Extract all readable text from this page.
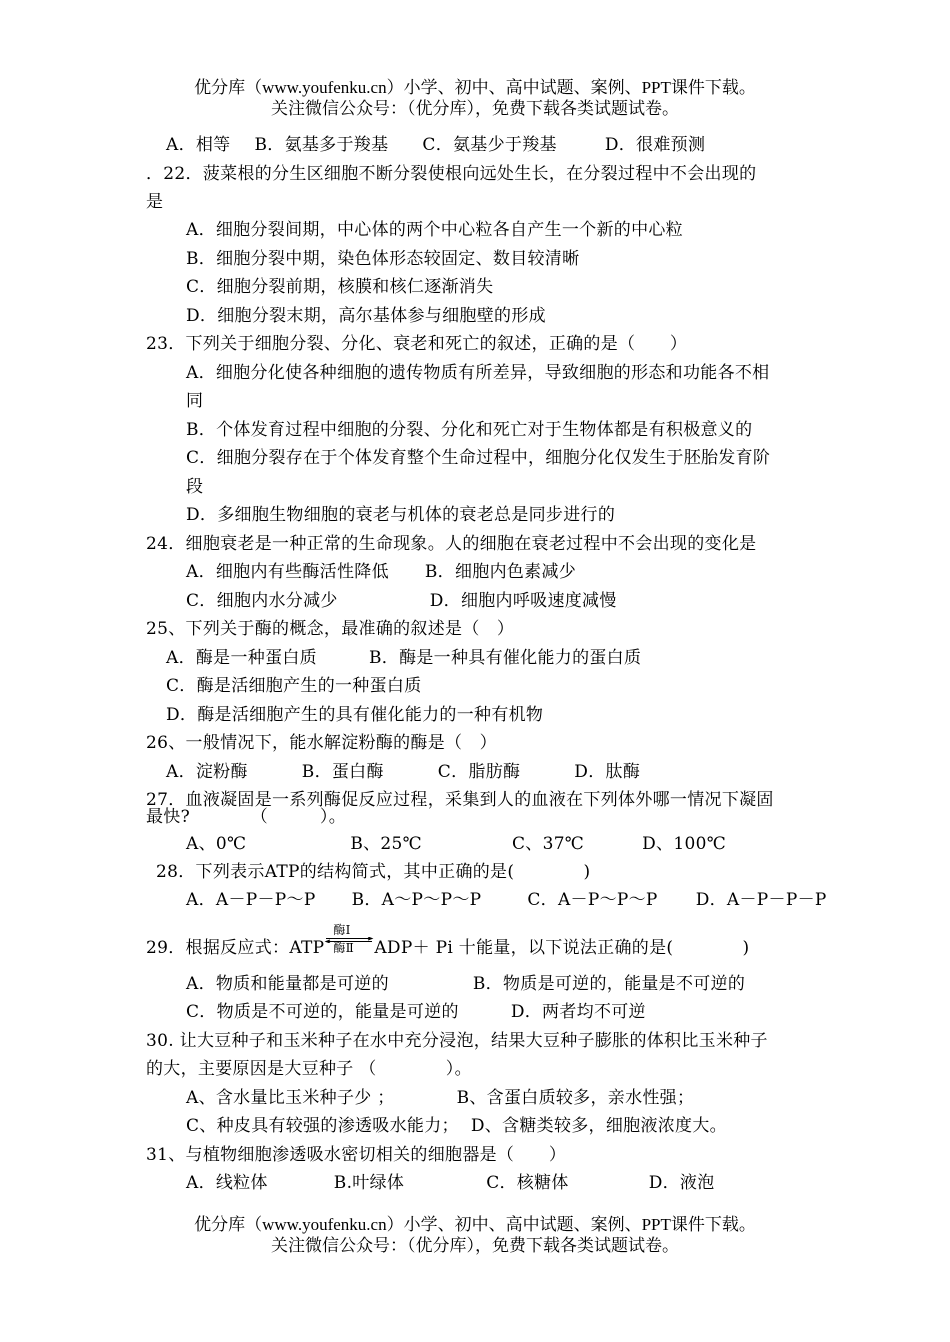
优分库（www.youfenku.cn）小学、初中、高中试题、案例、PPT课件下载。
关注微信公众号：（优分库），免费下载各类试题试卷。
A．相等 B．氨基多于羧基 C．氨基少于羧基	D．很难预测
．22．菠菜根的分生区细胞不断分裂使根向远处生长，在分裂过程中不会出现的
是
A．细胞分裂间期，中心体的两个中心粒各自产生一个新的中心粒
B．细胞分裂中期，染色体形态较固定、数目较清晰
C．细胞分裂前期，核膜和核仁逐渐消失
D．细胞分裂末期，高尔基体参与细胞壁的形成
23．下列关于细胞分裂、分化、衰老和死亡的叙述，正确的是（　　）
A．细胞分化使各种细胞的遗传物质有所差异，导致细胞的形态和功能各不相
同
B．个体发育过程中细胞的分裂、分化和死亡对于生物体都是有积极意义的
C．细胞分裂存在于个体发育整个生命过程中，细胞分化仅发生于胚胎发育阶
段
D．多细胞生物细胞的衰老与机体的衰老总是同步进行的
24．细胞衰老是一种正常的生命现象。人的细胞在衰老过程中不会出现的变化是
A．细胞内有些酶活性降低 B．细胞内色素减少
C．细胞内水分减少	D．细胞内呼吸速度减慢
25、下列关于酶的概念，最准确的叙述是（　）
A．酶是一种蛋白质	B．酶是一种具有催化能力的蛋白质
C．酶是活细胞产生的一种蛋白质
D．酶是活细胞产生的具有催化能力的一种有机物
26、一般情况下，能水解淀粉酶的酶是（　）
A．淀粉酶	B．蛋白酶	C．脂肪酶	D．肽酶
27．血液凝固是一系列酶促反应过程，采集到人的血液在下列体外哪一情况下凝固
最快?　　　　（　　　）。
A、0℃	B、25℃	C、37℃	D、100℃
28．下列表示ATP的结构简式，其中正确的是(　　　　)
A．A－P－P～P B．A～P～P～P	C．A－P～P～P D．A－P－P－P
29．根据反应式：ATP
酶Ⅰ
酶Ⅱ ADP＋ Pi 十能量，以下说法正确的是(　　　　)
A．物质和能量都是可逆的	B．物质是可逆的，能量是不可逆的
C．物质是不可逆的，能量是可逆的	D．两者均不可逆
30. 让大豆种子和玉米种子在水中充分浸泡，结果大豆种子膨胀的体积比玉米种子
的大，主要原因是大豆种子 （　　　　）。
A、含水量比玉米种子少 ；	B、含蛋白质较多，亲水性强；
C、种皮具有较强的渗透吸水能力； D、含糖类较多，细胞液浓度大。
31、与植物细胞渗透吸水密切相关的细胞器是（　　）
A．线粒体	B.叶绿体	C．核糖体	D．液泡
优分库（www.youfenku.cn）小学、初中、高中试题、案例、PPT课件下载。
关注微信公众号：（优分库），免费下载各类试题试卷。
